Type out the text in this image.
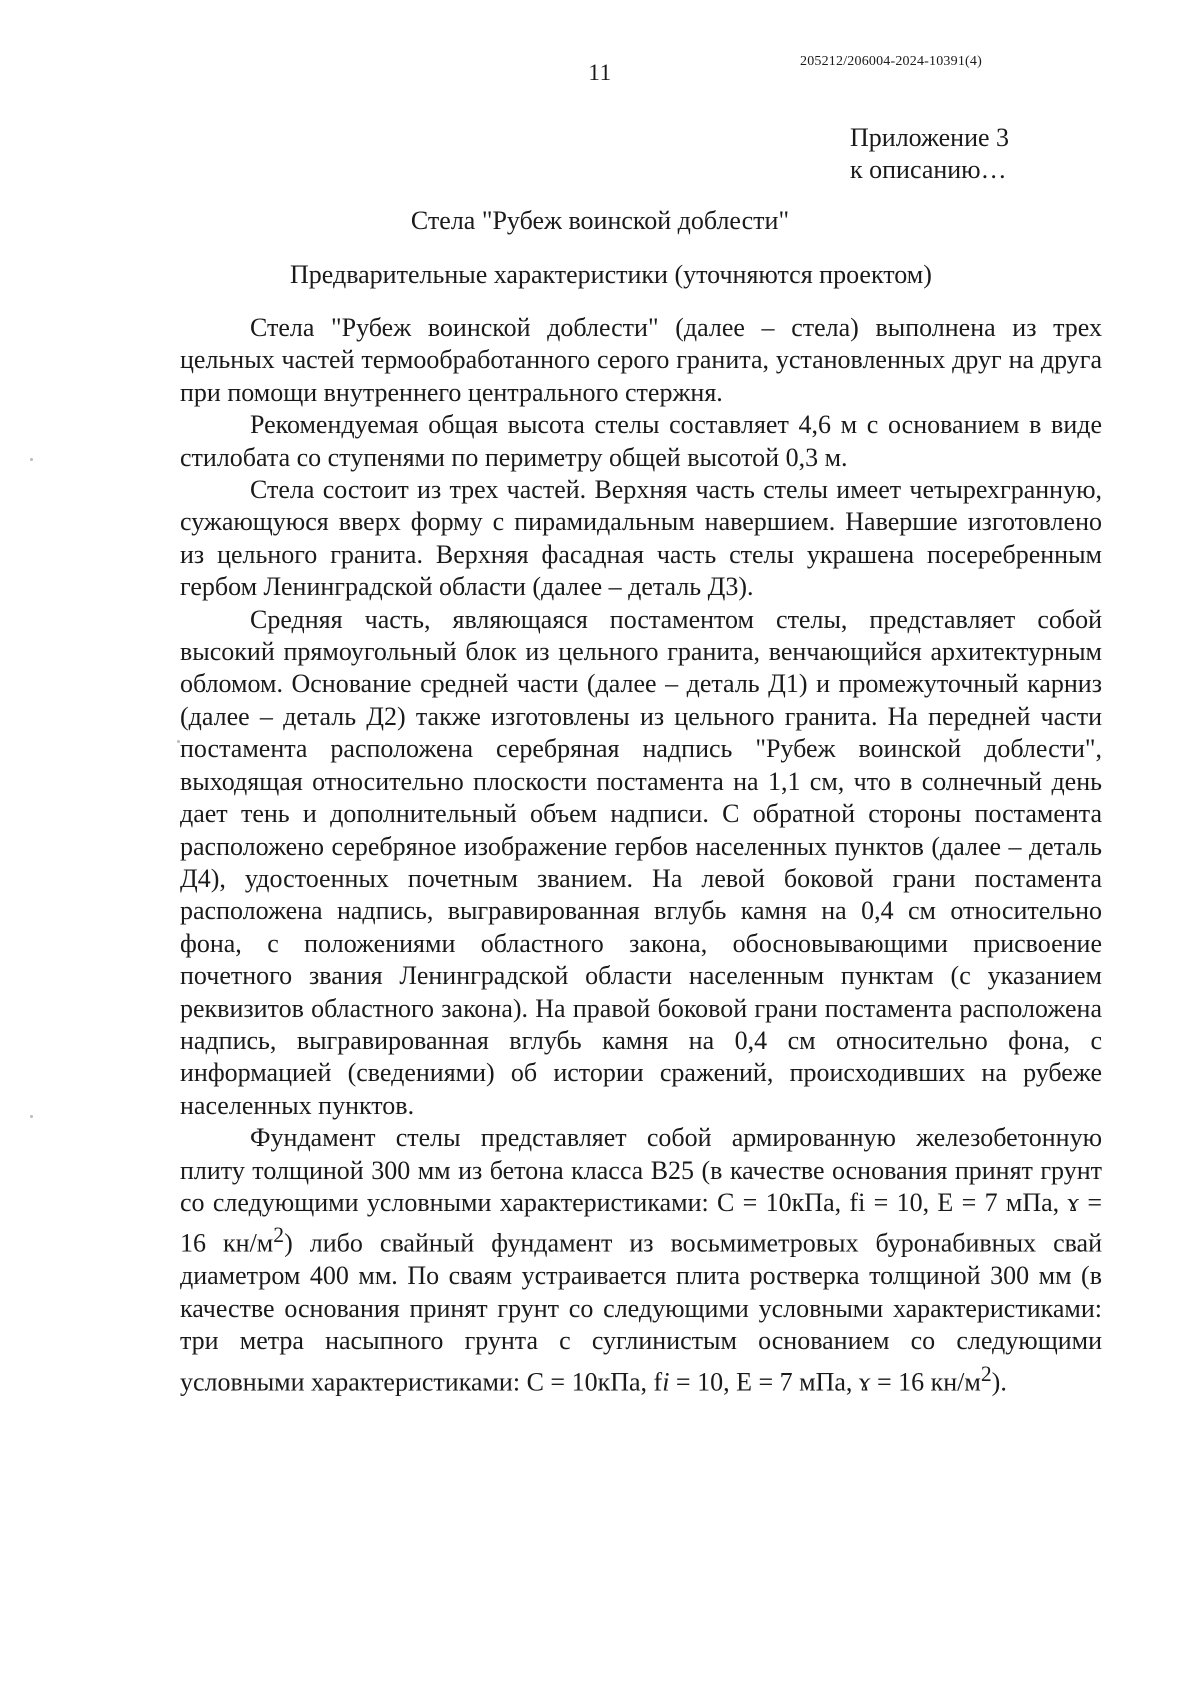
11	205212/206004-2024-10391(4)
Приложение 3
к описанию…
Стела "Рубеж воинской доблести"
Предварительные характеристики (уточняются проектом)

Стела "Рубеж воинской доблести" (далее – стела) выполнена из трех цельных частей термообработанного серого гранита, установленных друг на друга при помощи внутреннего центрального стержня.

Рекомендуемая общая высота стелы составляет 4,6 м с основанием в виде стилобата со ступенями по периметру общей высотой 0,3 м.

Стела состоит из трех частей. Верхняя часть стелы имеет четырехгранную, сужающуюся вверх форму с пирамидальным навершием. Навершие изготовлено из цельного гранита. Верхняя фасадная часть стелы украшена посеребренным гербом Ленинградской области (далее – деталь Д3).

Средняя часть, являющаяся постаментом стелы, представляет собой высокий прямоугольный блок из цельного гранита, венчающийся архитектурным обломом. Основание средней части (далее – деталь Д1) и промежуточный карниз (далее – деталь Д2) также изготовлены из цельного гранита. На передней части постамента расположена серебряная надпись "Рубеж воинской доблести", выходящая относительно плоскости постамента на 1,1 см, что в солнечный день дает тень и дополнительный объем надписи. С обратной стороны постамента расположено серебряное изображение гербов населенных пунктов (далее – деталь Д4), удостоенных почетным званием. На левой боковой грани постамента расположена надпись, выгравированная вглубь камня на 0,4 см относительно фона, с положениями областного закона, обосновывающими присвоение почетного звания Ленинградской области населенным пунктам (с указанием реквизитов областного закона). На правой боковой грани постамента расположена надпись, выгравированная вглубь камня на 0,4 см относительно фона, с информацией (сведениями) об истории сражений, происходивших на рубеже населенных пунктов.

Фундамент стелы представляет собой армированную железобетонную плиту толщиной 300 мм из бетона класса В25 (в качестве основания принят грунт со следующими условными характеристиками: С = 10кПа, fi = 10, Е = 7 мПа, ɤ = 16 $кн/м^2$) либо свайный фундамент из восьмиметровых буронабивных свай диаметром 400 мм. По сваям устраивается плита ростверка толщиной 300 мм (в качестве основания принят грунт со следующими условными характеристиками: три метра насыпного грунта с суглинистым основанием со следующими условными характеристиками: С = 10кПа, fi = 10, Е = 7 мПа, ɤ = 16 $кн/м^2$).
